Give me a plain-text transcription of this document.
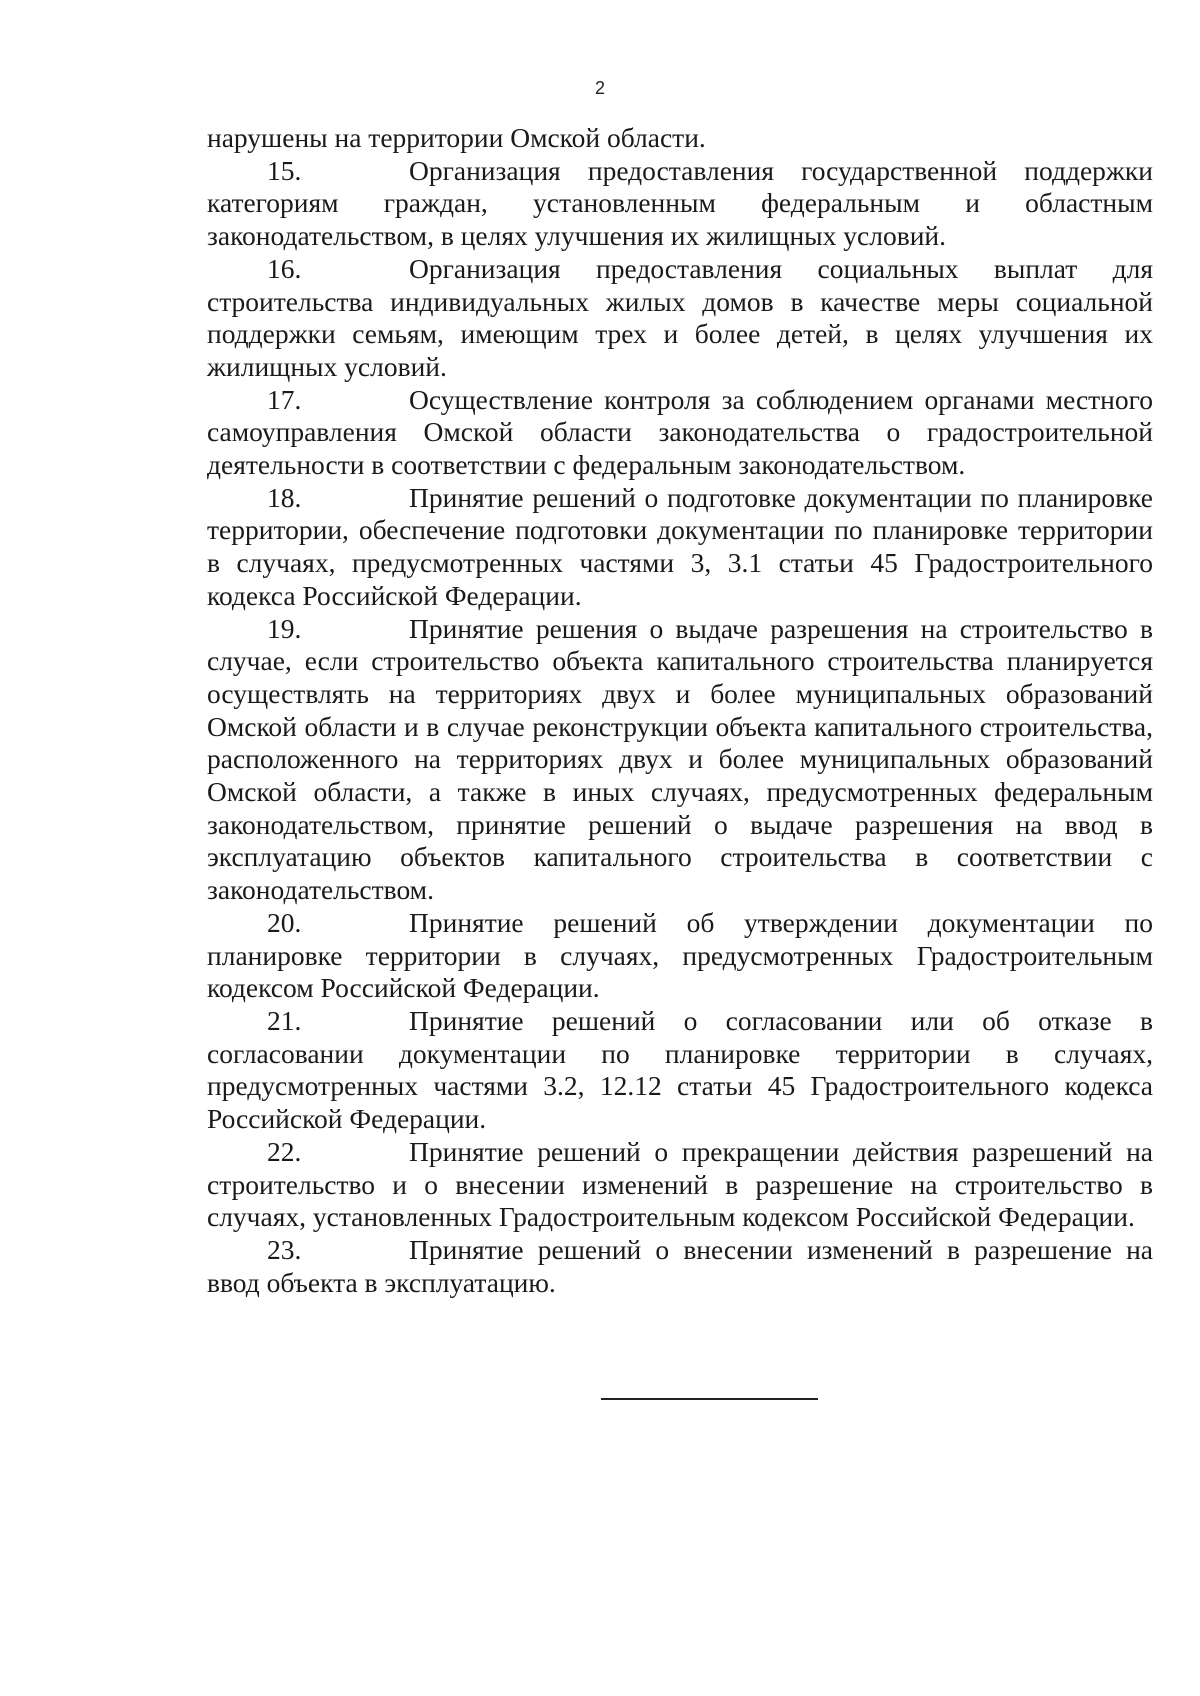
2

нарушены на территории Омской области.

15.	Организация предоставления государственной поддержки категориям граждан, установленным федеральным и областным законодательством, в целях улучшения их жилищных условий.

16.	Организация предоставления социальных выплат для строительства индивидуальных жилых домов в качестве меры социальной поддержки семьям, имеющим трех и более детей, в целях улучшения их жилищных условий.

17.	Осуществление контроля за соблюдением органами местного самоуправления Омской области законодательства о градостроительной деятельности в соответствии с федеральным законодательством.

18.	Принятие решений о подготовке документации по планировке территории, обеспечение подготовки документации по планировке территории в случаях, предусмотренных частями 3, 3.1 статьи 45 Градостроительного кодекса Российской Федерации.

19.	Принятие решения о выдаче разрешения на строительство в случае, если строительство объекта капитального строительства планируется осуществлять на территориях двух и более муниципальных образований Омской области и в случае реконструкции объекта капитального строительства, расположенного на территориях двух и более муниципальных образований Омской области, а также в иных случаях, предусмотренных федеральным законодательством, принятие решений о выдаче разрешения на ввод в эксплуатацию объектов капитального строительства в соответствии с законодательством.

20.	Принятие решений об утверждении документации по планировке территории в случаях, предусмотренных Градостроительным кодексом Российской Федерации.

21.	Принятие решений о согласовании или об отказе в согласовании документации по планировке территории в случаях, предусмотренных частями 3.2, 12.12 статьи 45 Градостроительного кодекса Российской Федерации.

22.	Принятие решений о прекращении действия разрешений на строительство и о внесении изменений в разрешение на строительство в случаях, установленных Градостроительным кодексом Российской Федерации.

23.	Принятие решений о внесении изменений в разрешение на ввод объекта в эксплуатацию.
